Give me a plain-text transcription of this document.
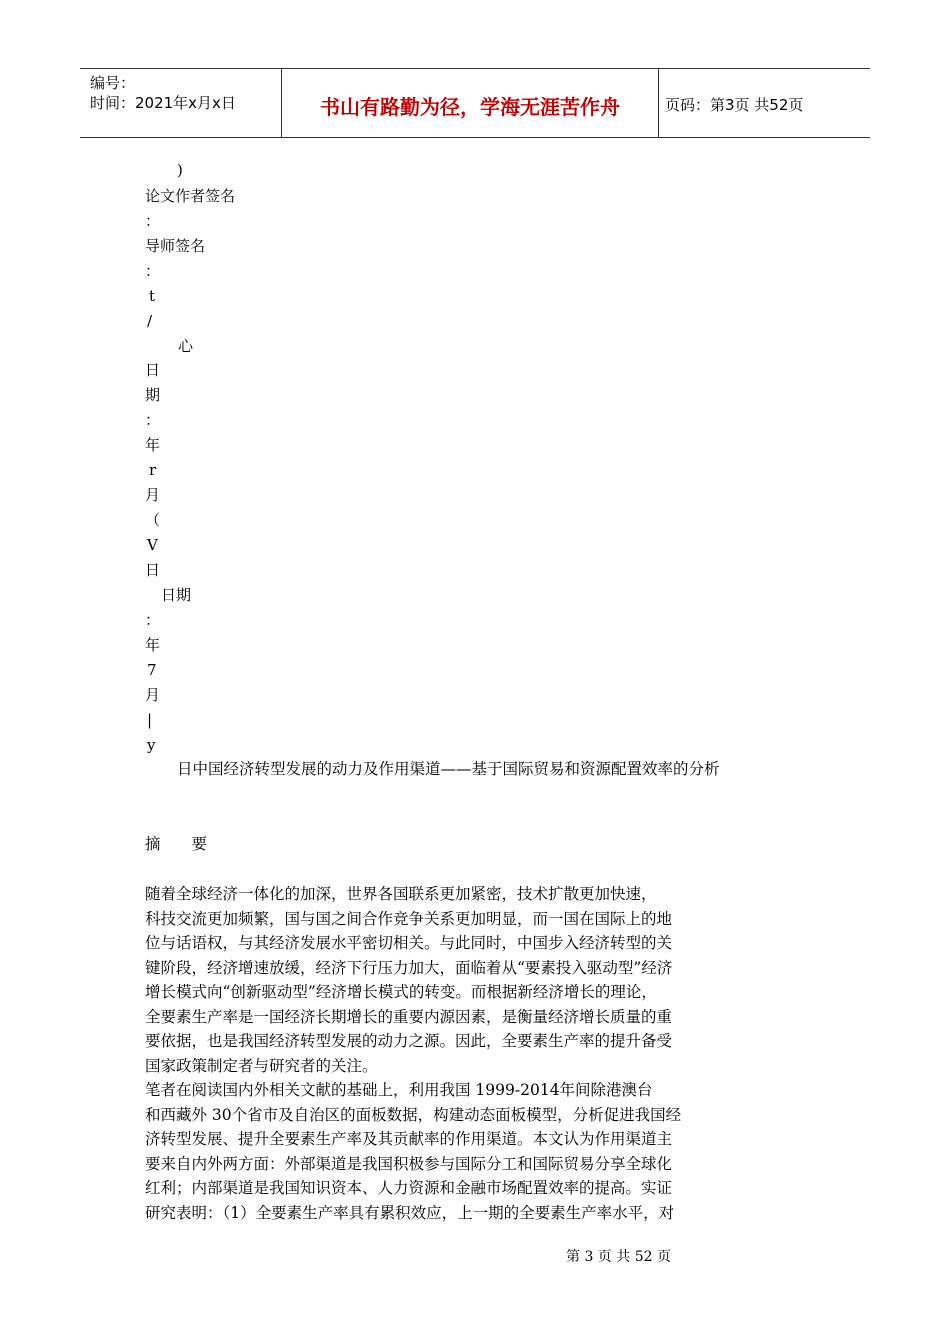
编号：
时间：2021年x月x日	书山有路勤为径，学海无涯苦作舟	页码：第3页 共52页
)
论文作者签名
：
导师签名
：
t
/
心
日
期
：
年
r
月
（
V
日
日期
：
年
7
月
|
y
日中国经济转型发展的动力及作用渠道——基于国际贸易和资源配置效率的分析
摘　　要
随着全球经济一体化的加深，世界各国联系更加紧密，技术扩散更加快速，
科技交流更加频繁，国与国之间合作竞争关系更加明显，而一国在国际上的地
位与话语权，与其经济发展水平密切相关。与此同时，中国步入经济转型的关
键阶段，经济增速放缓，经济下行压力加大，面临着从“要素投入驱动型”经济
增长模式向“创新驱动型”经济增长模式的转变。而根据新经济增长的理论，
全要素生产率是一国经济长期增长的重要内源因素，是衡量经济增长质量的重
要依据，也是我国经济转型发展的动力之源。因此，全要素生产率的提升备受
国家政策制定者与研究者的关注。
笔者在阅读国内外相关文献的基础上，利用我国 1999-2014年间除港澳台
和西藏外 30个省市及自治区的面板数据，构建动态面板模型，分析促进我国经
济转型发展、提升全要素生产率及其贡献率的作用渠道。本文认为作用渠道主
要来自内外两方面：外部渠道是我国积极参与国际分工和国际贸易分享全球化
红利；内部渠道是我国知识资本、人力资源和金融市场配置效率的提高。实证
研究表明：（1）全要素生产率具有累积效应，上一期的全要素生产率水平，对
第 3 页 共 52 页
